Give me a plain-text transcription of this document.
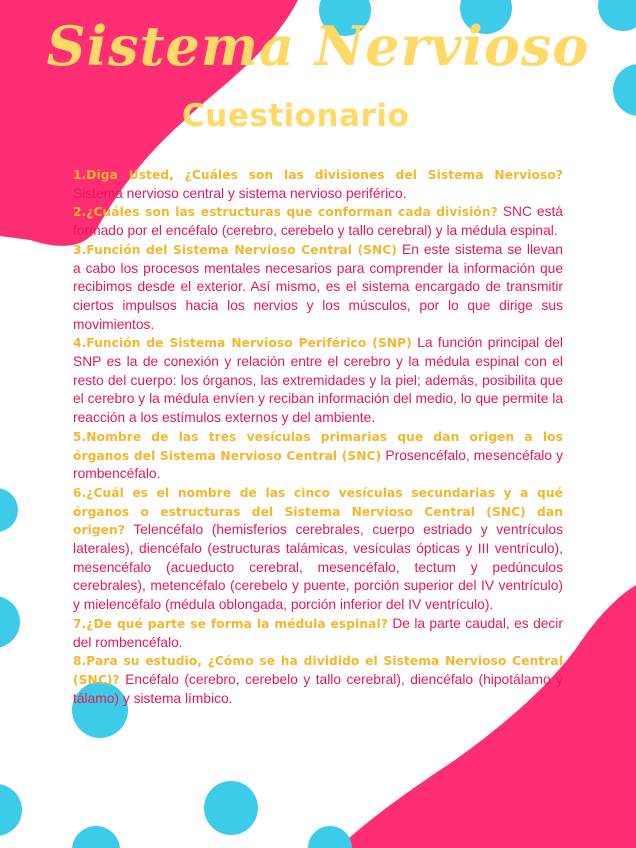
Sistema Nervioso
Cuestionario

1.Diga Usted, ¿Cuáles son las divisiones del Sistema Nervioso? Sistema nervioso central y sistema nervioso periférico.

2.¿Cuáles son las estructuras que conforman cada división? SNC está formado por el encéfalo (cerebro, cerebelo y tallo cerebral) y la médula espinal.

3.Función del Sistema Nervioso Central (SNC) En este sistema se llevan a cabo los procesos mentales necesarios para comprender la información que recibimos desde el exterior. Así mismo, es el sistema encargado de transmitir ciertos impulsos hacia los nervios y los músculos, por lo que dirige sus movimientos.

4.Función de Sistema Nervioso Periférico (SNP) La función principal del SNP es la de conexión y relación entre el cerebro y la médula espinal con el resto del cuerpo: los órganos, las extremidades y la piel; además, posibilita que el cerebro y la médula envíen y reciban información del medio, lo que permite la reacción a los estímulos externos y del ambiente.

5.Nombre de las tres vesículas primarias que dan origen a los órganos del Sistema Nervioso Central (SNC) Prosencéfalo, mesencéfalo y rombencéfalo.

6.¿Cuál es el nombre de las cinco vesículas secundarias y a qué órganos o estructuras del Sistema Nervioso Central (SNC) dan origen? Telencéfalo (hemisferios cerebrales, cuerpo estriado y ventrículos laterales), diencéfalo (estructuras talámicas, vesículas ópticas y III ventrículo), mesencéfalo (acueducto cerebral, mesencéfalo, tectum y pedúnculos cerebrales), metencéfalo (cerebelo y puente, porción superior del IV ventrículo) y mielencéfalo (médula oblongada, porción inferior del IV ventrículo).

7.¿De qué parte se forma la médula espinal? De la parte caudal, es decir del rombencéfalo.

8.Para su estudio, ¿Cómo se ha dividido el Sistema Nervioso Central (SNC)? Encéfalo (cerebro, cerebelo y tallo cerebral), diencéfalo (hipotálamo y tálamo) y sistema límbico.
